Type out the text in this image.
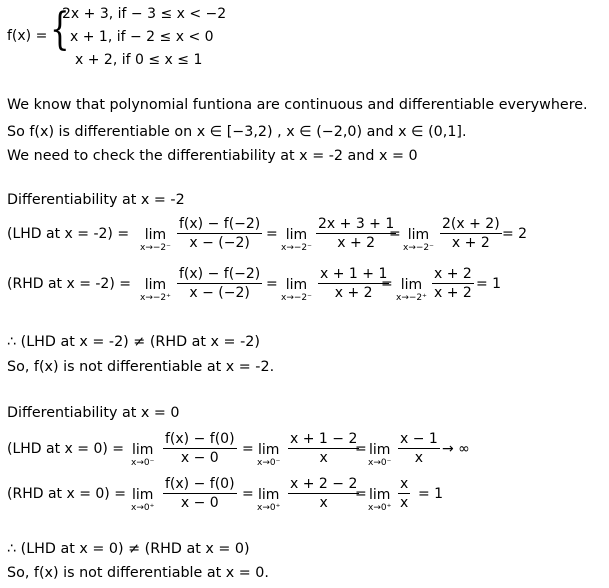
f(x) = {
2x + 3, if − 3 ≤ x < −2
x + 1, if − 2 ≤ x < 0
x + 2, if 0 ≤ x ≤ 1
We know that polynomial funtiona are continuous and differentiable everywhere.
So f(x) is differentiable on x ∈ [−3,2) , x ∈ (−2,0) and x ∈ (0,1].
We need to check the differentiability at x = -2 and x = 0
Differentiability at x = -2
(LHD at x = -2) = lim
$x\to-2^- \frac{f(x) - f(-2)}{x - (-2)} = \lim$
$x\to-2^- \frac{2x + 3 + 1}{x + 2}$
= lim
$x\to-2^- \frac{2(x + 2)}{x + 2} = 2$
(RHD at x = -2) = lim
$x\to-2^+ \frac{f(x) - f(-2)}{x - (-2)} = \lim$
$x\to-2^- \frac{x + 1 + 1}{x + 2}$
= lim
$x\to-2^+ \frac{x + 2}{x + 2} = 1$
∴ (LHD at x = -2) ≠ (RHD at x = -2)
So, f(x) is not differentiable at x = -2.
Differentiability at x = 0
(LHD at x = 0) = lim
$x\to 0^- \frac{f(x) - f(0)}{x - 0} = \lim$
$x\to 0^- \frac{x + 1 - 2}{x}$
= lim
$x\to 0^- \frac{x - 1}{x}$ → ∞
(RHD at x = 0) = lim
$x\to 0^+ \frac{f(x) - f(0)}{x - 0} = \lim$
$x\to 0^+ \frac{x + 2 - 2}{x}$
= lim
$x\to 0^+ \frac{x}{x} = 1$
∴ (LHD at x = 0) ≠ (RHD at x = 0)
So, f(x) is not differentiable at x = 0.
